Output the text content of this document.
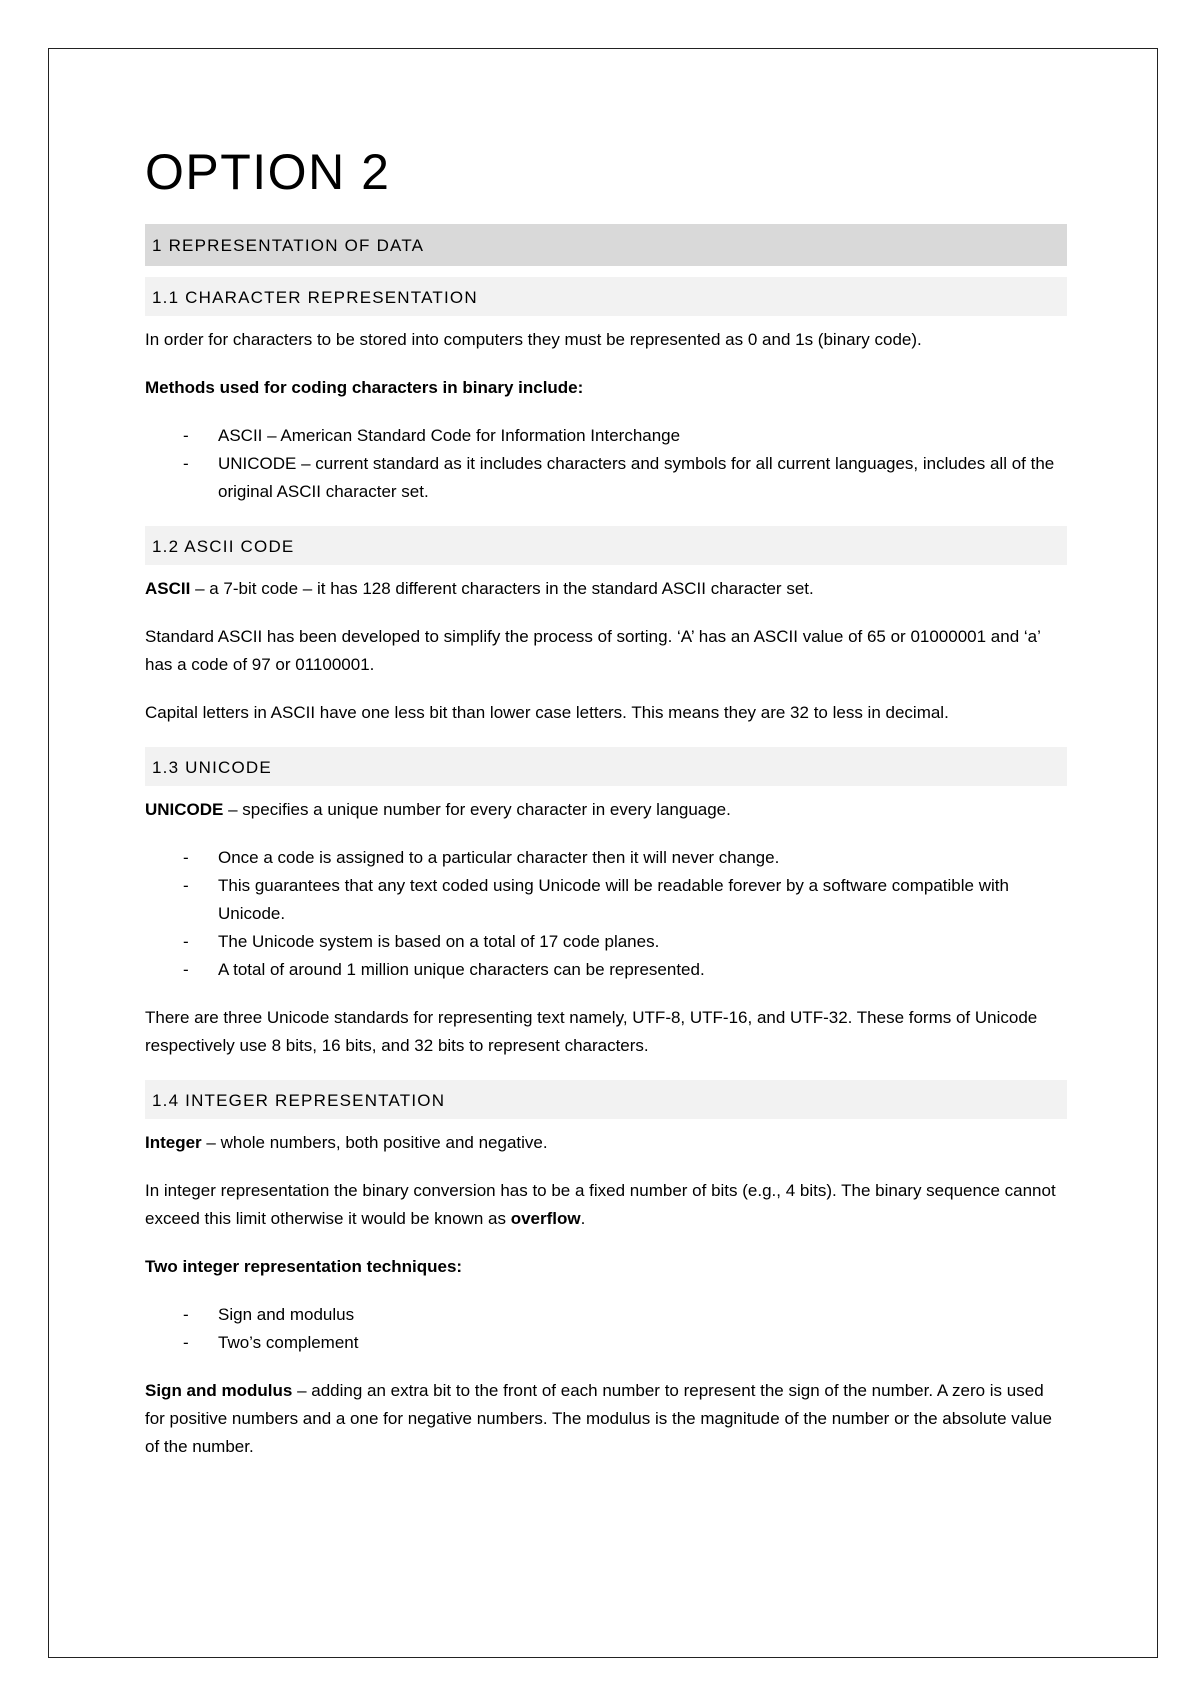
OPTION 2
1 REPRESENTATION OF DATA
1.1 CHARACTER REPRESENTATION

In order for characters to be stored into computers they must be represented as 0 and 1s (binary code).

Methods used for coding characters in binary include:

- ASCII – American Standard Code for Information Interchange
- UNICODE – current standard as it includes characters and symbols for all current languages, includes all of the original ASCII character set.
1.2 ASCII CODE

ASCII – a 7-bit code – it has 128 different characters in the standard ASCII character set.

Standard ASCII has been developed to simplify the process of sorting. ‘A’ has an ASCII value of 65 or 01000001 and ‘a’ has a code of 97 or 01100001.

Capital letters in ASCII have one less bit than lower case letters. This means they are 32 to less in decimal.

1.3 UNICODE

UNICODE – specifies a unique number for every character in every language.

- Once a code is assigned to a particular character then it will never change.
- This guarantees that any text coded using Unicode will be readable forever by a software compatible with Unicode.
- The Unicode system is based on a total of 17 code planes.
- A total of around 1 million unique characters can be represented.

There are three Unicode standards for representing text namely, UTF-8, UTF-16, and UTF-32. These forms of Unicode respectively use 8 bits, 16 bits, and 32 bits to represent characters.

1.4 INTEGER REPRESENTATION

Integer – whole numbers, both positive and negative.

In integer representation the binary conversion has to be a fixed number of bits (e.g., 4 bits). The binary sequence cannot exceed this limit otherwise it would be known as overflow.

Two integer representation techniques:

- Sign and modulus
- Two’s complement

Sign and modulus – adding an extra bit to the front of each number to represent the sign of the number. A zero is used for positive numbers and a one for negative numbers. The modulus is the magnitude of the number or the absolute value of the number.
